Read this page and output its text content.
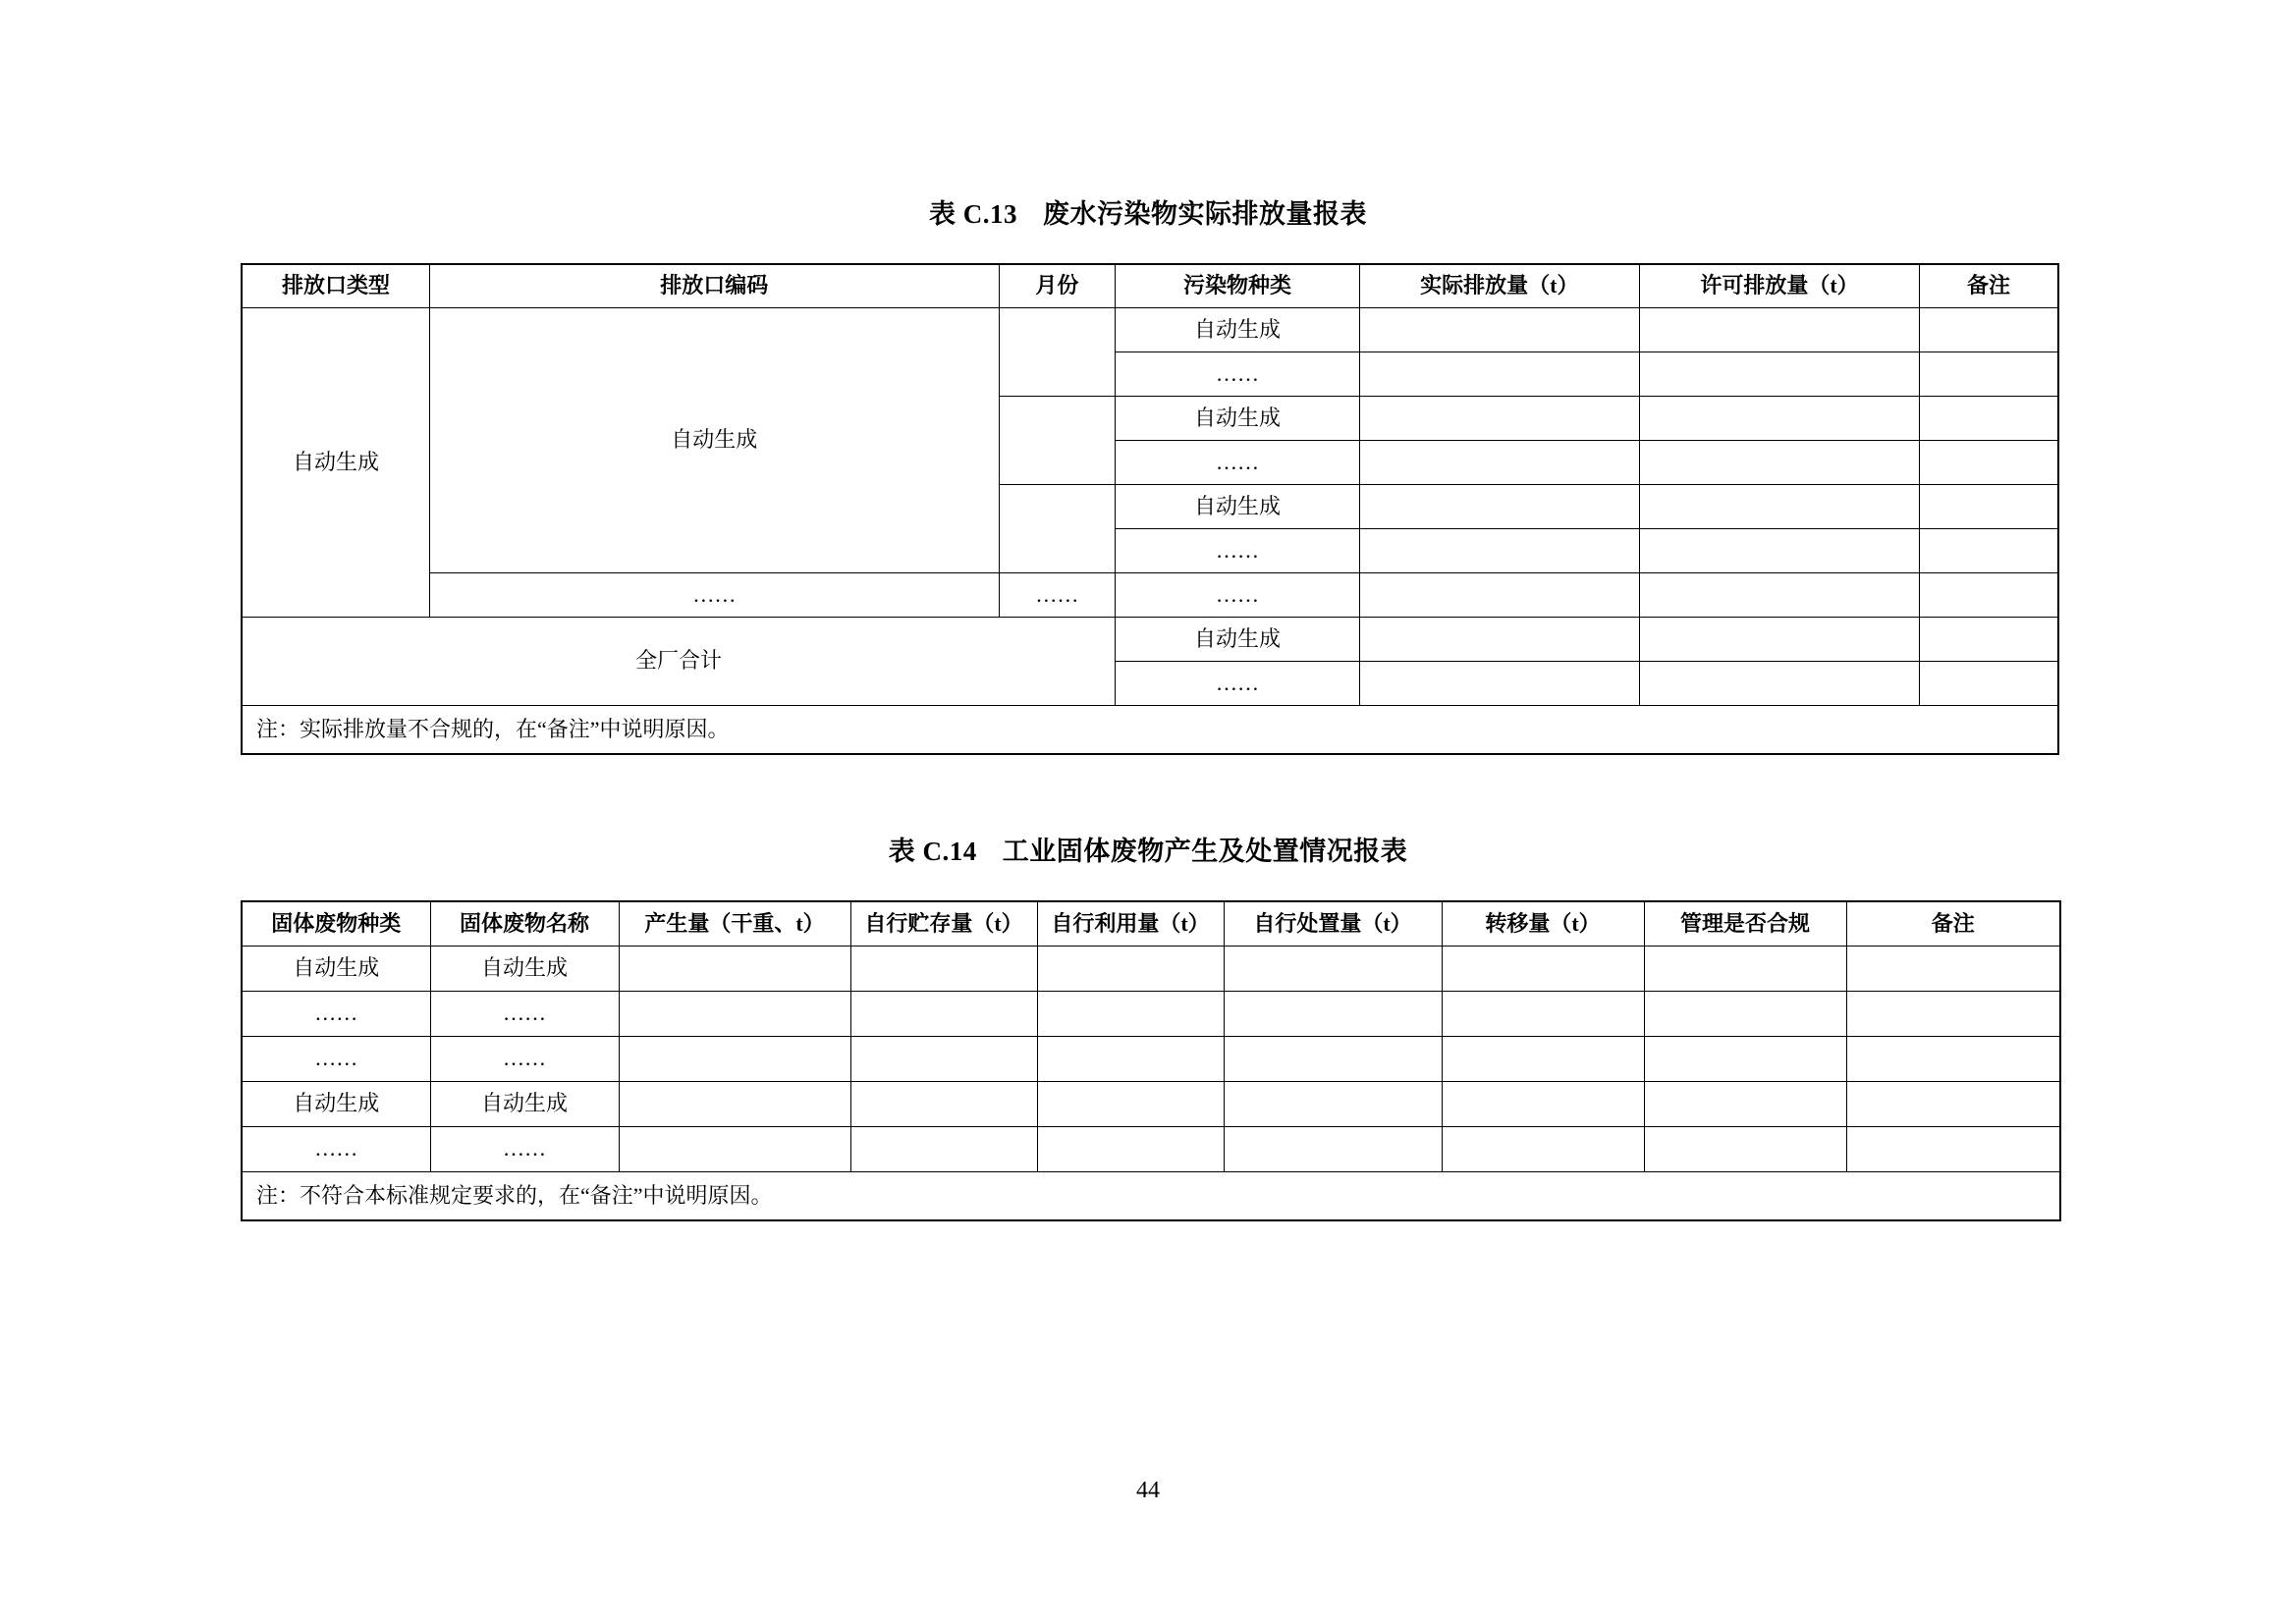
表 C.13 废水污染物实际排放量报表
排放口类型	排放口编码	月份	污染物种类	实际排放量（t）	许可排放量（t）	备注
自动生成	自动生成		自动生成			
			……			
			自动生成			
			……			
			自动生成			
			……			
	……	……	……			
全厂合计			自动生成			
			……			
注：实际排放量不合规的，在“备注”中说明原因。						
表 C.14 工业固体废物产生及处置情况报表
固体废物种类	固体废物名称	产生量（干重、t）	自行贮存量（t）	自行利用量（t）	自行处置量（t）	转移量（t）	管理是否合规	备注
自动生成	自动生成							
……	……							
……	……							
自动生成	自动生成							
……	……							
注：不符合本标准规定要求的，在“备注”中说明原因。								
44
